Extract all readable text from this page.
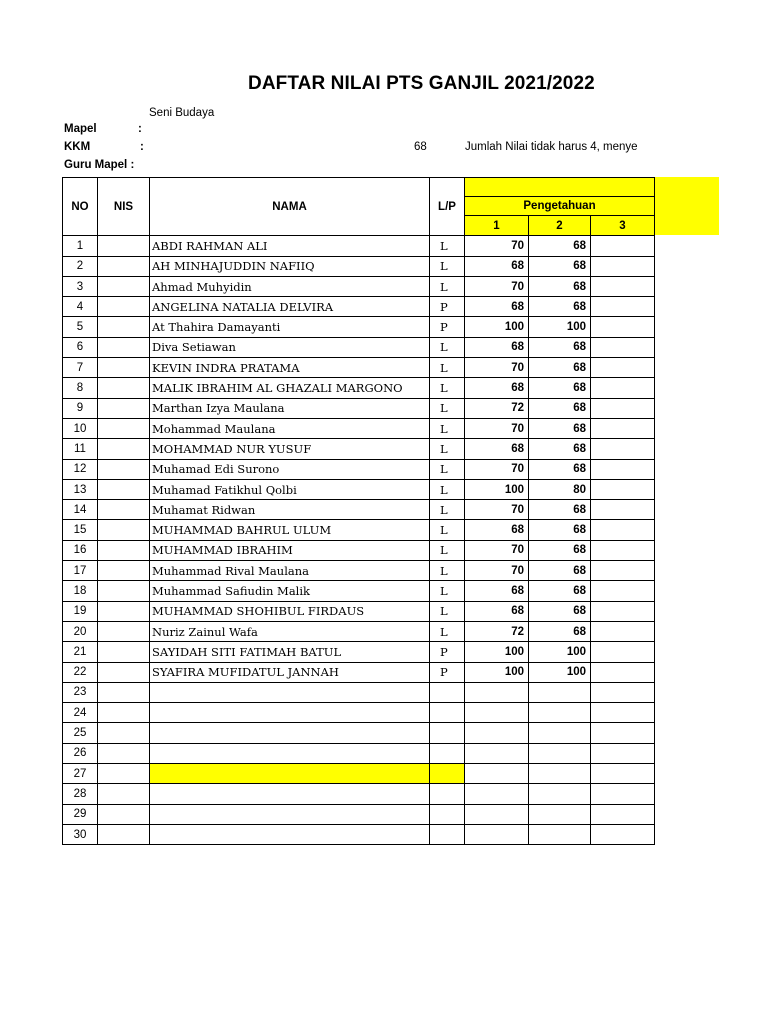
DAFTAR NILAI PTS GANJIL 2021/2022
Seni Budaya
Mapel	:
KKM	:	68	Jumlah Nilai tidak harus 4, menye
Guru Mapel :
NO	NIS	NAMA	L/P			
				Pengetahuan		
				1	2	3
1		ABDI RAHMAN ALI	L	70	68	
2		AH MINHAJUDDIN NAFIIQ	L	68	68	
3		Ahmad Muhyidin	L	70	68	
4		ANGELINA NATALIA DELVIRA	P	68	68	
5		At Thahira Damayanti	P	100	100	
6		Diva Setiawan	L	68	68	
7		KEVIN INDRA PRATAMA	L	70	68	
8		MALIK IBRAHIM AL GHAZALI MARGONO	L	68	68	
9		Marthan Izya Maulana	L	72	68	
10		Mohammad Maulana	L	70	68	
11		MOHAMMAD NUR YUSUF	L	68	68	
12		Muhamad Edi Surono	L	70	68	
13		Muhamad Fatikhul Qolbi	L	100	80	
14		Muhamat Ridwan	L	70	68	
15		MUHAMMAD BAHRUL ULUM	L	68	68	
16		MUHAMMAD IBRAHIM	L	70	68	
17		Muhammad Rival Maulana	L	70	68	
18		Muhammad Safiudin Malik	L	68	68	
19		MUHAMMAD SHOHIBUL FIRDAUS	L	68	68	
20		Nuriz Zainul Wafa	L	72	68	
21		SAYIDAH SITI FATIMAH BATUL	P	100	100	
22		SYAFIRA MUFIDATUL JANNAH	P	100	100	
23						
24						
25						
26						
27						
28						
29						
30						
